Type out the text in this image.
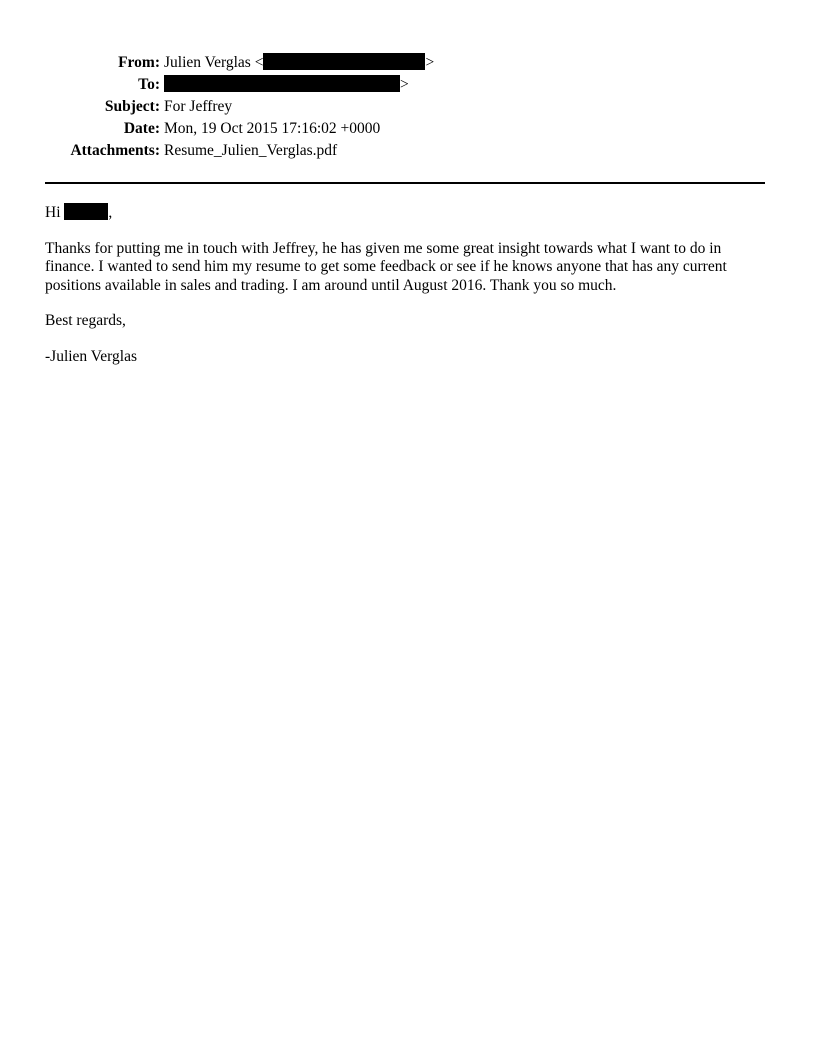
From: Julien Verglas <	>
To:	>
Subject: For Jeffrey
Date: Mon, 19 Oct 2015 17:16:02 +0000
Attachments: Resume_Julien_Verglas.pdf
Hi	,

Thanks for putting me in touch with Jeffrey, he has given me some great insight towards what I want to do in finance. I wanted to send him my resume to get some feedback or see if he knows anyone that has any current positions available in sales and trading. I am around until August 2016. Thank you so much.

Best regards,

-Julien Verglas
